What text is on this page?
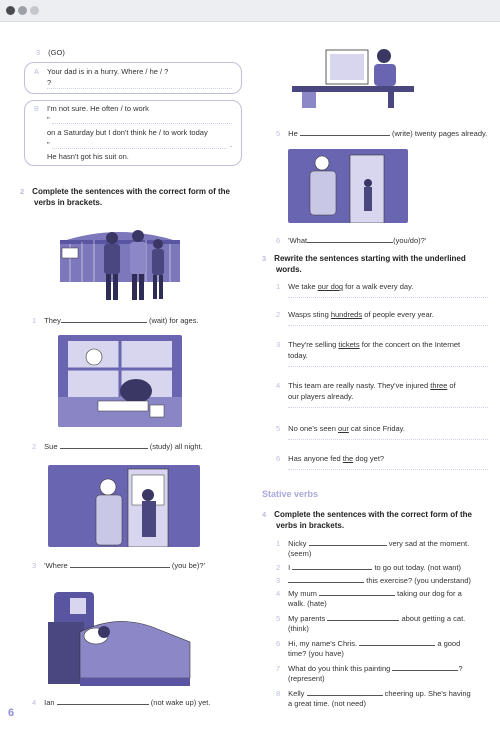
3 (GO)
A Your dad is in a hurry. Where / he / ?
?
B I'm not sure. He often / to work
"
on a Saturday but I don't think he / to work today
"	.
He hasn't got his suit on.
2 Complete the sentences with the correct form of the
verbs in brackets.
1 They	(wait) for ages.
2 Sue	(study) all night.
3 'Where	(you be)?'
4 Ian	(not wake up) yet.
6
5 He	(write) twenty pages already.
6 'What	(you/do)?'
3 Rewrite the sentences starting with the underlined
words.
1 We take our dog for a walk every day.
2 Wasps sting hundreds of people every year.
3 They're selling tickets for the concert on the Internet
today.
4 This team are really nasty. They've injured three of
our players already.
5 No one's seen our cat since Friday.
6 Has anyone fed the dog yet?
Stative verbs
4 Complete the sentences with the correct form of the
verbs in brackets.
1 Nicky	very sad at the moment.
(seem)
2 I	to go out today. (not want)
3	this exercise? (you understand)
4 My mum	taking our dog for a
walk. (hate)
5 My parents	about getting a cat.
(think)
6 Hi, my name's Chris.	a good
time? (you have)
7 What do you think this painting	?
(represent)
8 Kelly	cheering up. She's having
a great time. (not need)
